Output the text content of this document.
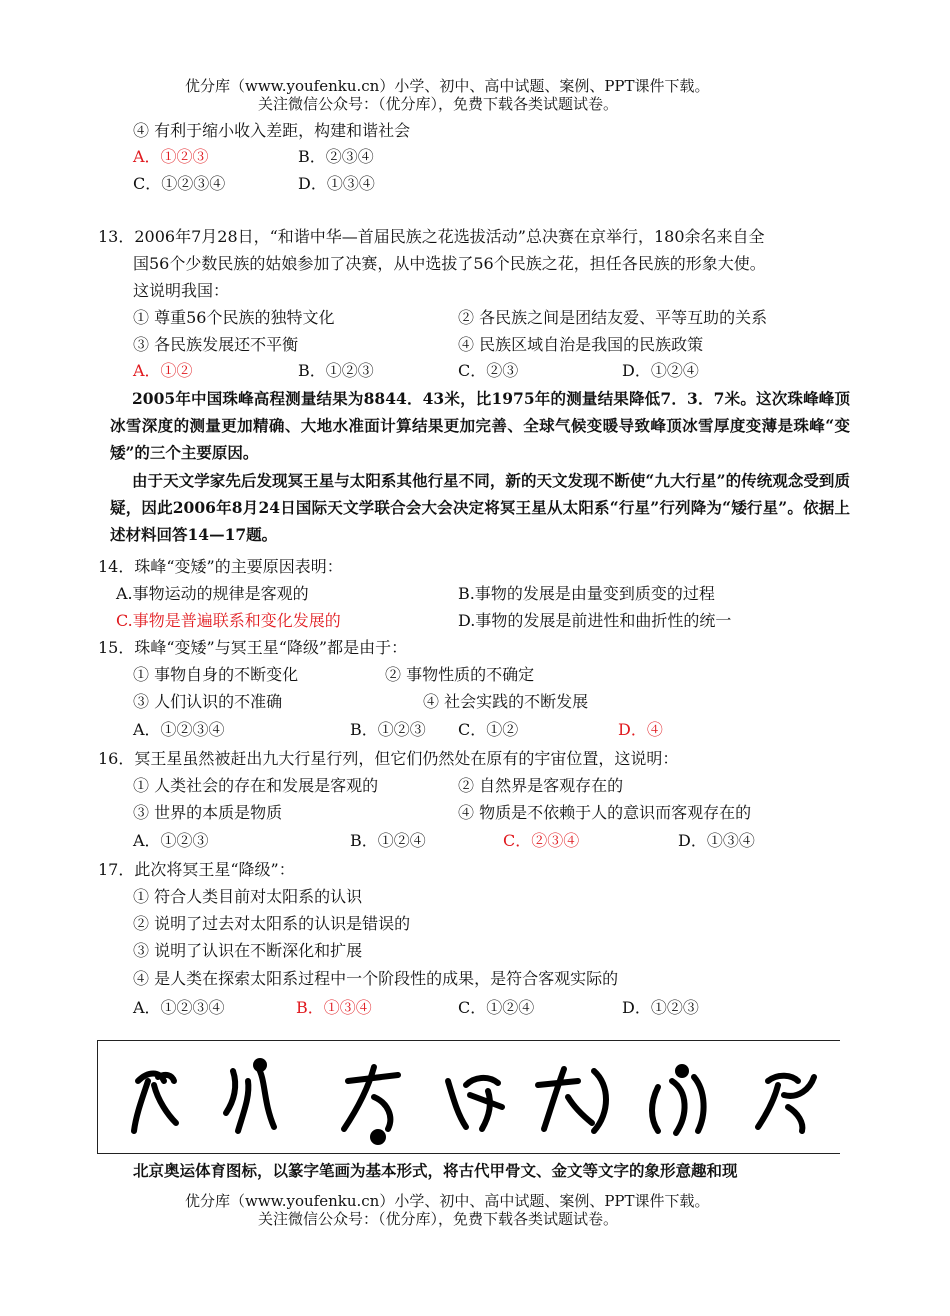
优分库（www.youfenku.cn）小学、初中、高中试题、案例、PPT课件下载。
关注微信公众号：（优分库），免费下载各类试题试卷。
④ 有利于缩小收入差距，构建和谐社会
A．①②③	B．②③④
C．①②③④	D．①③④
13．2006年7月28日，“和谐中华—首届民族之花选拔活动”总决赛在京举行，180余名来自全
国56个少数民族的姑娘参加了决赛，从中选拔了56个民族之花，担任各民族的形象大使。
这说明我国：
① 尊重56个民族的独特文化	② 各民族之间是团结友爱、平等互助的关系
③ 各民族发展还不平衡	④ 民族区域自治是我国的民族政策
A．①②	B．①②③	C．②③	D．①②④
2005年中国珠峰高程测量结果为8844．43米，比1975年的测量结果降低7．3．7米。这次珠峰峰顶冰雪深度的测量更加精确、大地水准面计算结果更加完善、全球气候变暖导致峰顶冰雪厚度变薄是珠峰“变矮”的三个主要原因。
由于天文学家先后发现冥王星与太阳系其他行星不同，新的天文发现不断使“九大行星”的传统观念受到质疑，因此2006年8月24日国际天文学联合会大会决定将冥王星从太阳系“行星”行列降为“矮行星”。依据上述材料回答14—17题。
14．珠峰“变矮”的主要原因表明：
A.事物运动的规律是客观的	B.事物的发展是由量变到质变的过程
C.事物是普遍联系和变化发展的	D.事物的发展是前进性和曲折性的统一
15．珠峰“变矮”与冥王星“降级”都是由于：
① 事物自身的不断变化	② 事物性质的不确定
③ 人们认识的不准确	④ 社会实践的不断发展
A．①②③④	B．①②③ C．①②	D．④
16．冥王星虽然被赶出九大行星行列，但它们仍然处在原有的宇宙位置，这说明：
① 人类社会的存在和发展是客观的	② 自然界是客观存在的
③ 世界的本质是物质	④ 物质是不依赖于人的意识而客观存在的
A．①②③	B．①②④	C．②③④	D．①③④
17．此次将冥王星“降级”：
① 符合人类目前对太阳系的认识
② 说明了过去对太阳系的认识是错误的
③ 说明了认识在不断深化和扩展
④ 是人类在探索太阳系过程中一个阶段性的成果，是符合客观实际的
A．①②③④	B．①③④	C．①②④	D．①②③
北京奥运体育图标，以篆字笔画为基本形式，将古代甲骨文、金文等文字的象形意趣和现
优分库（www.youfenku.cn）小学、初中、高中试题、案例、PPT课件下载。
关注微信公众号：（优分库），免费下载各类试题试卷。
